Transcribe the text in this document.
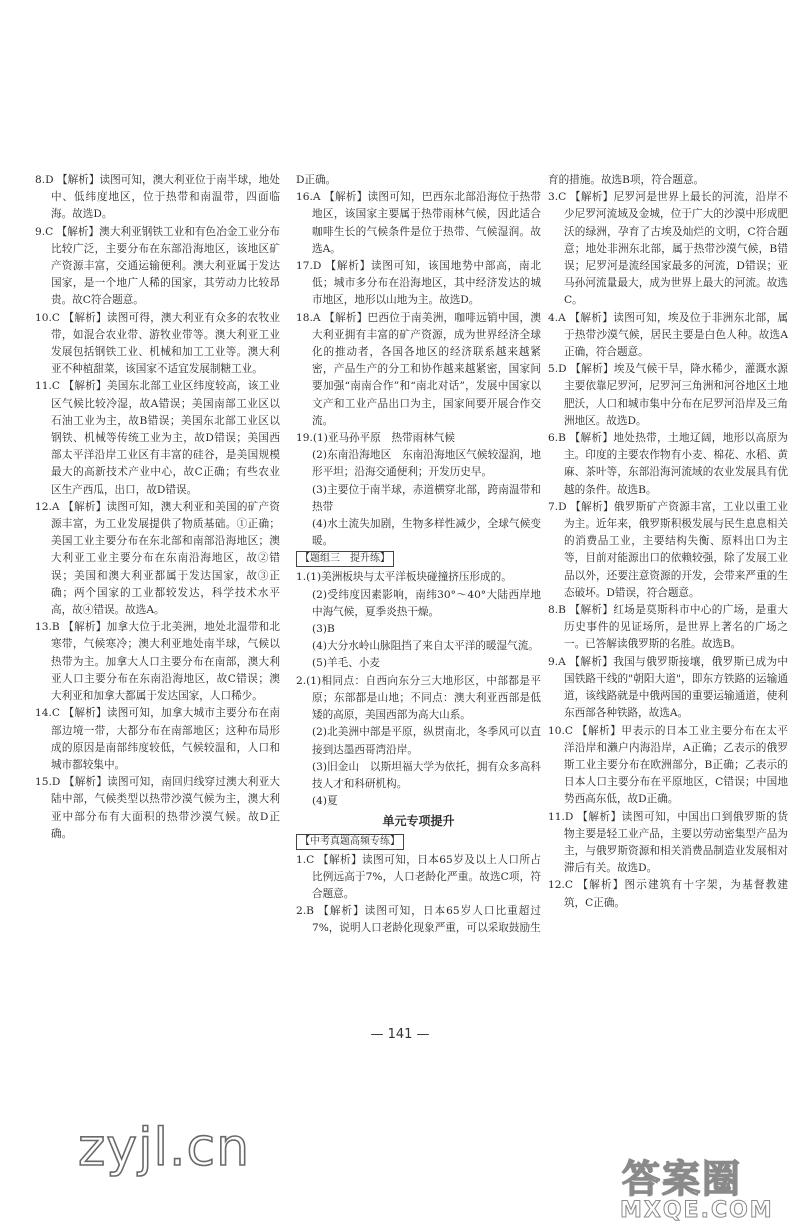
8.D 【解析】读图可知，澳大利亚位于南半球，地处中、低纬度地区，位于热带和南温带，四面临海。故选D。
9.C 【解析】澳大利亚钢铁工业和有色冶金工业分布比较广泛，主要分布在东部沿海地区，该地区矿产资源丰富，交通运输便利。澳大利亚属于发达国家，是一个地广人稀的国家，其劳动力比较昂贵。故C符合题意。
10.C 【解析】读图可得，澳大利亚有众多的农牧业带，如混合农业带、游牧业带等。澳大利亚工业发展包括钢铁工业、机械和加工工业等。澳大利亚不种植甜菜，该国家不适宜发展制糖工业。
11.C 【解析】美国东北部工业区纬度较高，该工业区气候比较冷湿，故A错误；美国南部工业区以石油工业为主，故B错误；美国东北部工业区以钢铁、机械等传统工业为主，故D错误；美国西部太平洋沿岸工业区有丰富的硅谷，是美国规模最大的高新技术产业中心，故C正确；有些农业区生产西瓜，出口，故D错误。
12.A 【解析】读图可知，澳大利亚和美国的矿产资源丰富，为工业发展提供了物质基础。①正确；美国工业主要分布在东北部和南部沿海地区；澳大利亚工业主要分布在东南沿海地区，故②错误；美国和澳大利亚都属于发达国家，故③正确；两个国家的工业都较发达，科学技术水平高，故④错误。故选A。
13.B 【解析】加拿大位于北美洲，地处北温带和北寒带，气候寒冷；澳大利亚地处南半球，气候以热带为主。加拿大人口主要分布在南部，澳大利亚人口主要分布在东南沿海地区，故C错误；澳大利亚和加拿大都属于发达国家，人口稀少。
14.C 【解析】读图可知，加拿大城市主要分布在南部边境一带，大都分布在南部地区；这种布局形成的原因是南部纬度较低，气候较温和，人口和城市都较集中。
15.D 【解析】读图可知，南回归线穿过澳大利亚大陆中部，气候类型以热带沙漠气候为主，澳大利亚中部分布有大面积的热带沙漠气候。故D正确。
D正确。
16.A 【解析】读图可知，巴西东北部沿海位于热带地区，该国家主要属于热带雨林气候，因此适合咖啡生长的气候条件是位于热带、气候湿润。故选A。
17.D 【解析】读图可知，该国地势中部高，南北低；城市多分布在沿海地区，其中经济发达的城市地区，地形以山地为主。故选D。
18.A 【解析】巴西位于南美洲，咖啡远销中国，澳大利亚拥有丰富的矿产资源，成为世界经济全球化的推动者，各国各地区的经济联系越来越紧密，产品生产的分工和协作越来越紧密，国家间要加强“南南合作”和“南北对话”，发展中国家以文产和工业产品出口为主，国家间要开展合作交流。
19.(1)亚马孙平原　热带雨林气候
(2)东南沿海地区　东南沿海地区气候较湿润，地形平坦；沿海交通便利；开发历史早。
(3)主要位于南半球，赤道横穿北部，跨南温带和热带
(4)水土流失加剧，生物多样性减少，全球气候变暖。
【题组三　提升练】
1.(1)美洲板块与太平洋板块碰撞挤压形成的。
(2)受纬度因素影响，南纬30°～40°大陆西岸地中海气候，夏季炎热干燥。
(3)B
(4)大分水岭山脉阻挡了来自太平洋的暖湿气流。
(5)羊毛、小麦
2.(1)相同点：自西向东分三大地形区，中部都是平原；东部都是山地；不同点：澳大利亚西部是低矮的高原，美国西部为高大山系。
(2)北美洲中部是平原，纵贯南北，冬季风可以直接到达墨西哥湾沿岸。
(3)旧金山　以斯坦福大学为依托，拥有众多高科技人才和科研机构。
(4)夏
单元专项提升
【中考真题高频专练】
1.C 【解析】读图可知，日本65岁及以上人口所占比例远高于7%，人口老龄化严重。故选C项，符合题意。
2.B 【解析】读图可知，日本65岁人口比重超过7%，说明人口老龄化现象严重，可以采取鼓励生
育的措施。故选B项，符合题意。
3.C 【解析】尼罗河是世界上最长的河流，沿岸不少尼罗河流域及金城，位于广大的沙漠中形成肥沃的绿洲，孕育了古埃及灿烂的文明，C符合题意；地处非洲东北部，属于热带沙漠气候，B错误；尼罗河是流经国家最多的河流，D错误；亚马孙河流量最大，成为世界上最大的河流。故选C。
4.A 【解析】读图可知，埃及位于非洲东北部，属于热带沙漠气候，居民主要是白色人种。故选A正确，符合题意。
5.D 【解析】埃及气候干旱，降水稀少，灌溉水源主要依靠尼罗河，尼罗河三角洲和河谷地区土地肥沃，人口和城市集中分布在尼罗河沿岸及三角洲地区。故选D。
6.B 【解析】地处热带，土地辽阔，地形以高原为主。印度的主要农作物有小麦、棉花、水稻、黄麻、茶叶等，东部沿海河流域的农业发展具有优越的条件。故选B。
7.D 【解析】俄罗斯矿产资源丰富，工业以重工业为主。近年来，俄罗斯积极发展与民生息息相关的消费品工业，主要结构失衡、原料出口为主等，目前对能源出口的依赖较强，除了发展工业品以外，还要注意资源的开发，会带来严重的生态破坏。D错误，符合题意。
8.B 【解析】红场是莫斯科市中心的广场，是重大历史事件的见证场所，是世界上著名的广场之一。已答解读俄罗斯的名胜。故选B。
9.A 【解析】我国与俄罗斯接壤，俄罗斯已成为中国铁路干线的"朝阳大道"，即东方铁路的运输通道，该线路就是中俄两国的重要运输通道，使利东西部各种铁路，故选A。
10.C 【解析】甲表示的日本工业主要分布在太平洋沿岸和濑户内海沿岸，A正确；乙表示的俄罗斯工业主要分布在欧洲部分，B正确；乙表示的日本人口主要分布在平原地区，C错误；中国地势西高东低，故D正确。
11.D 【解析】读图可知，中国出口到俄罗斯的货物主要是轻工业产品，主要以劳动密集型产品为主，与俄罗斯资源和相关消费品制造业发展相对滞后有关。故选D。
12.C 【解析】图示建筑有十字架，为基督教建筑，C正确。
— 141 —
zyjl.cn
答案圈
MXQE.COM
